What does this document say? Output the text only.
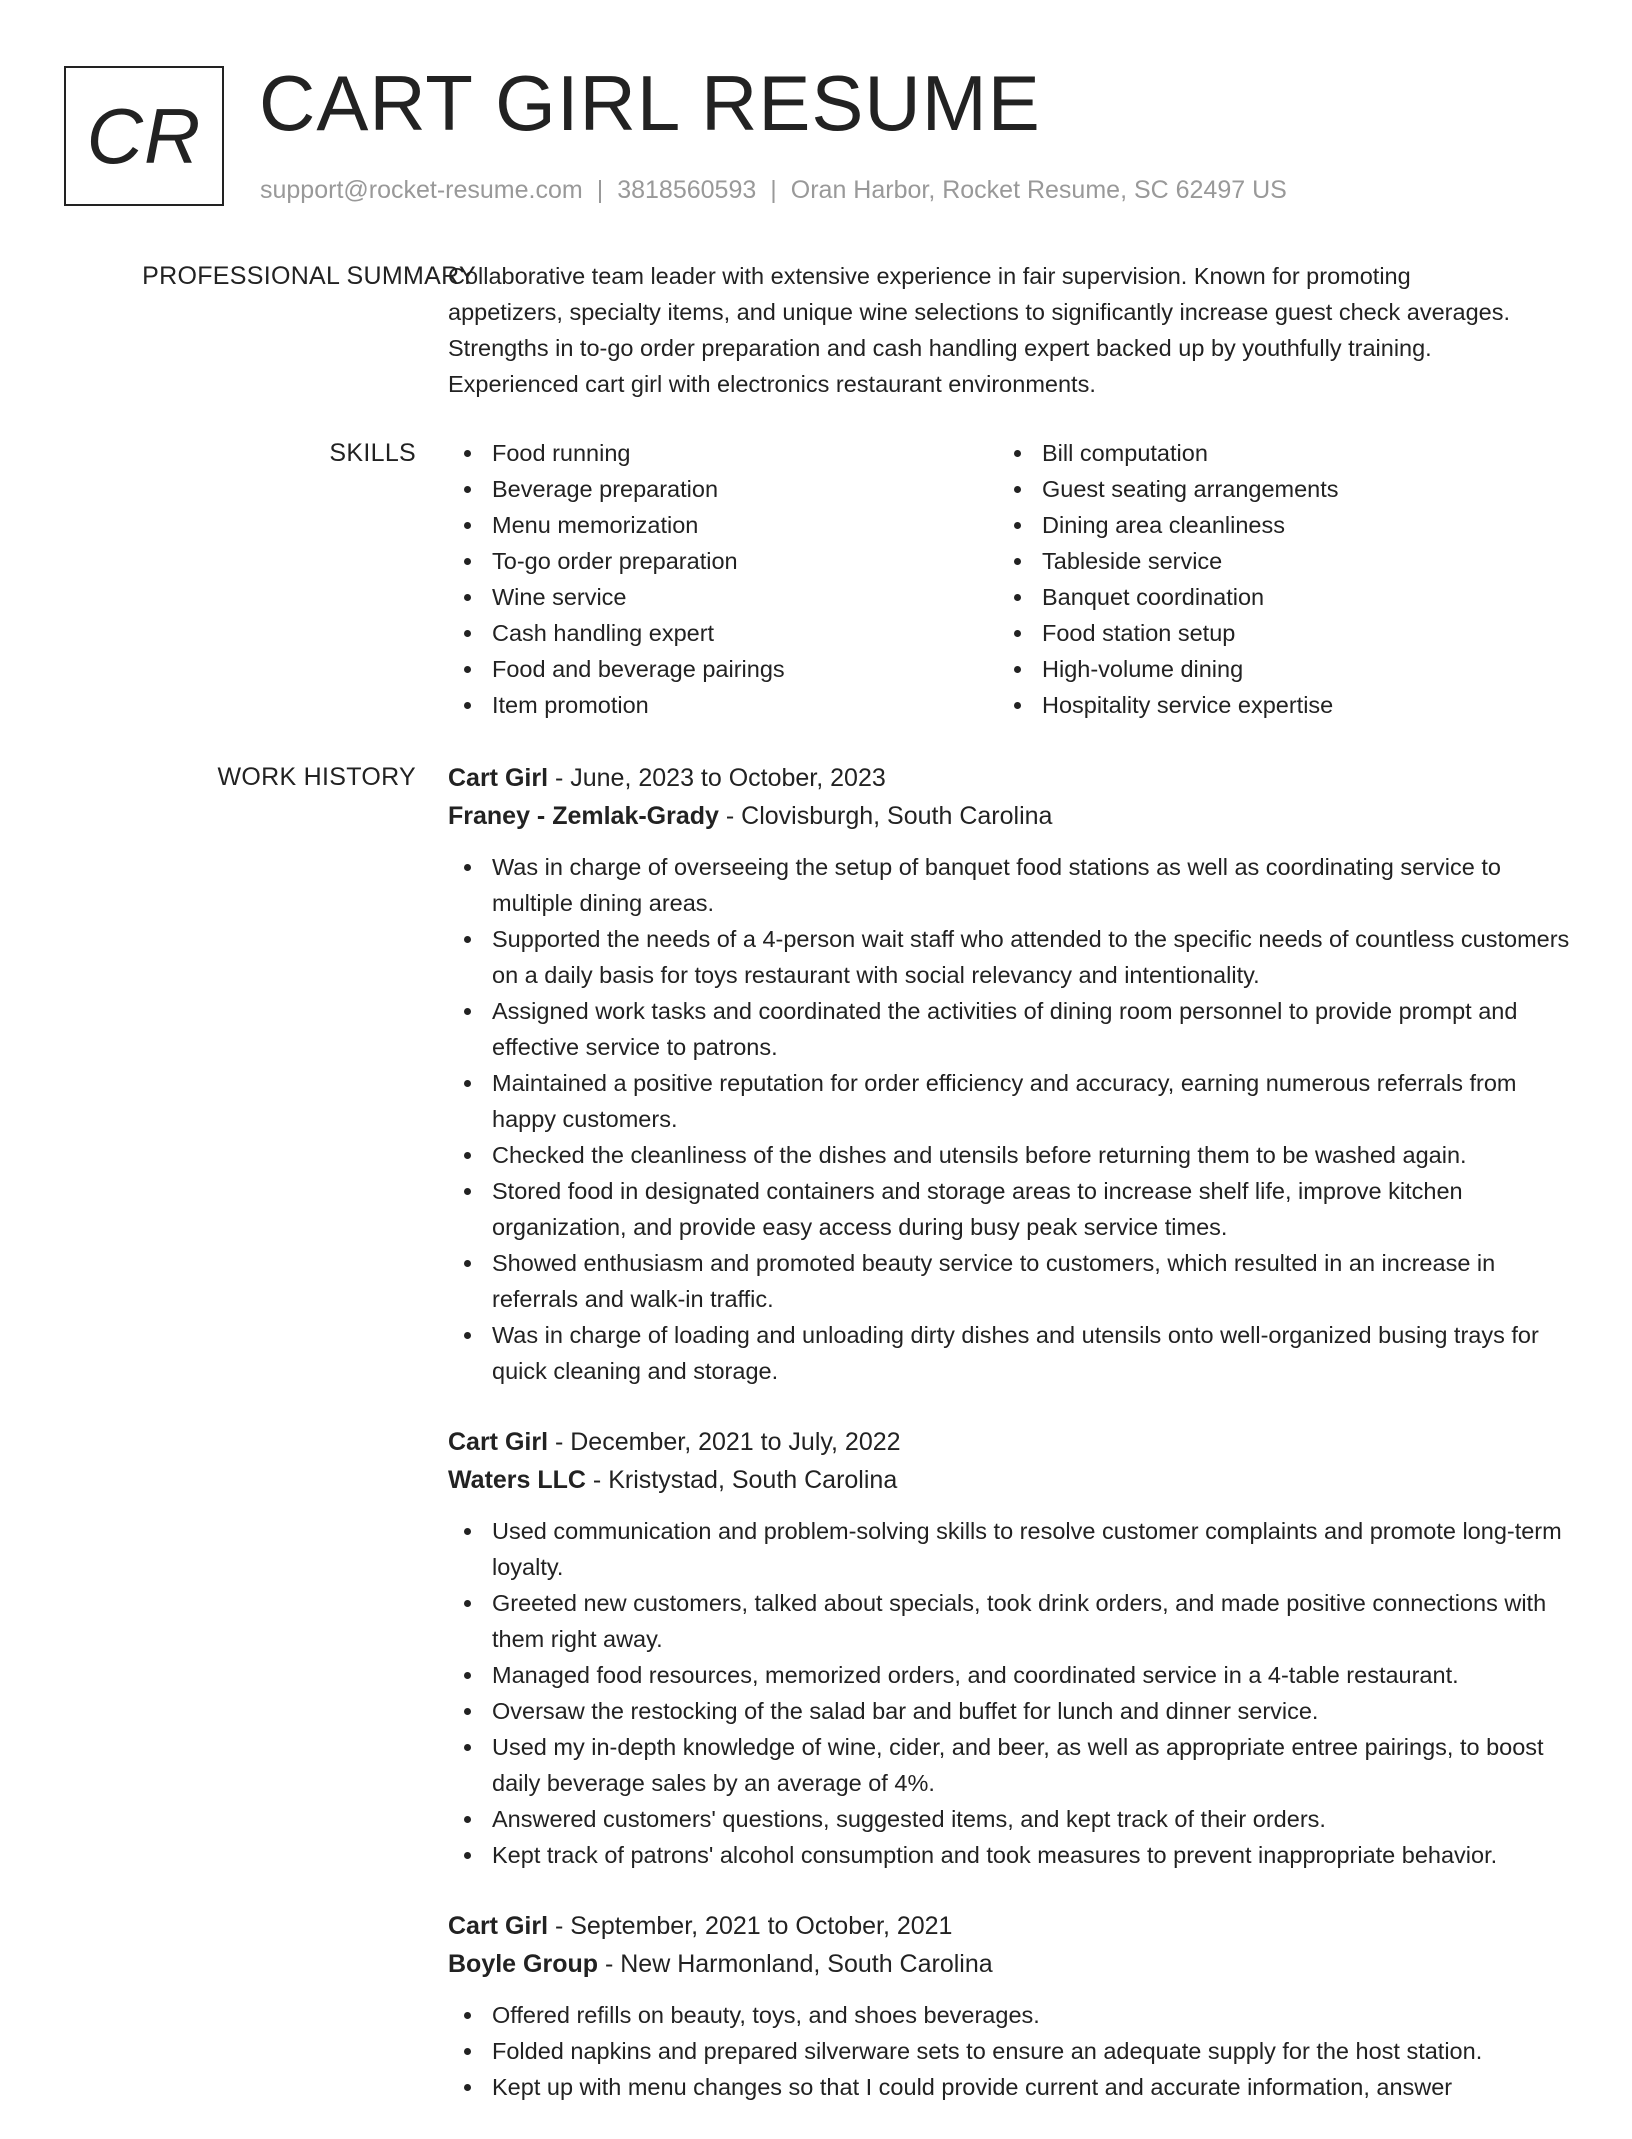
CR CART GIRL RESUME
support@rocket-resume.com | 3818560593 | Oran Harbor, Rocket Resume, SC 62497 US
PROFESSIONAL SUMMARY

Collaborative team leader with extensive experience in fair supervision. Known for promoting appetizers, specialty items, and unique wine selections to significantly increase guest check averages. Strengths in to-go order preparation and cash handling expert backed up by youthfully training. Experienced cart girl with electronics restaurant environments.

SKILLS	Food running
Beverage preparation
Menu memorization
To-go order preparation
Wine service
Cash handling expert
Food and beverage pairings
Item promotion
Bill computation
Guest seating arrangements
Dining area cleanliness
Tableside service
Banquet coordination
Food station setup
High-volume dining
Hospitality service expertise
WORK HISTORY Cart Girl - June, 2023 to October, 2023
Franey - Zemlak-Grady - Clovisburgh, South Carolina
Was in charge of overseeing the setup of banquet food stations as well as coordinating service to multiple dining areas.
Supported the needs of a 4-person wait staff who attended to the specific needs of countless customers on a daily basis for toys restaurant with social relevancy and intentionality.
Assigned work tasks and coordinated the activities of dining room personnel to provide prompt and effective service to patrons.
Maintained a positive reputation for order efficiency and accuracy, earning numerous referrals from happy customers.
Checked the cleanliness of the dishes and utensils before returning them to be washed again.
Stored food in designated containers and storage areas to increase shelf life, improve kitchen organization, and provide easy access during busy peak service times.
Showed enthusiasm and promoted beauty service to customers, which resulted in an increase in referrals and walk-in traffic.
Was in charge of loading and unloading dirty dishes and utensils onto well-organized busing trays for quick cleaning and storage.
Cart Girl - December, 2021 to July, 2022
Waters LLC - Kristystad, South Carolina
Used communication and problem-solving skills to resolve customer complaints and promote long-term loyalty.
Greeted new customers, talked about specials, took drink orders, and made positive connections with them right away.
Managed food resources, memorized orders, and coordinated service in a 4-table restaurant.
Oversaw the restocking of the salad bar and buffet for lunch and dinner service.
Used my in-depth knowledge of wine, cider, and beer, as well as appropriate entree pairings, to boost daily beverage sales by an average of 4%.
Answered customers' questions, suggested items, and kept track of their orders.
Kept track of patrons' alcohol consumption and took measures to prevent inappropriate behavior.
Cart Girl - September, 2021 to October, 2021
Boyle Group - New Harmonland, South Carolina
Offered refills on beauty, toys, and shoes beverages.
Folded napkins and prepared silverware sets to ensure an adequate supply for the host station.
Kept up with menu changes so that I could provide current and accurate information, answer
